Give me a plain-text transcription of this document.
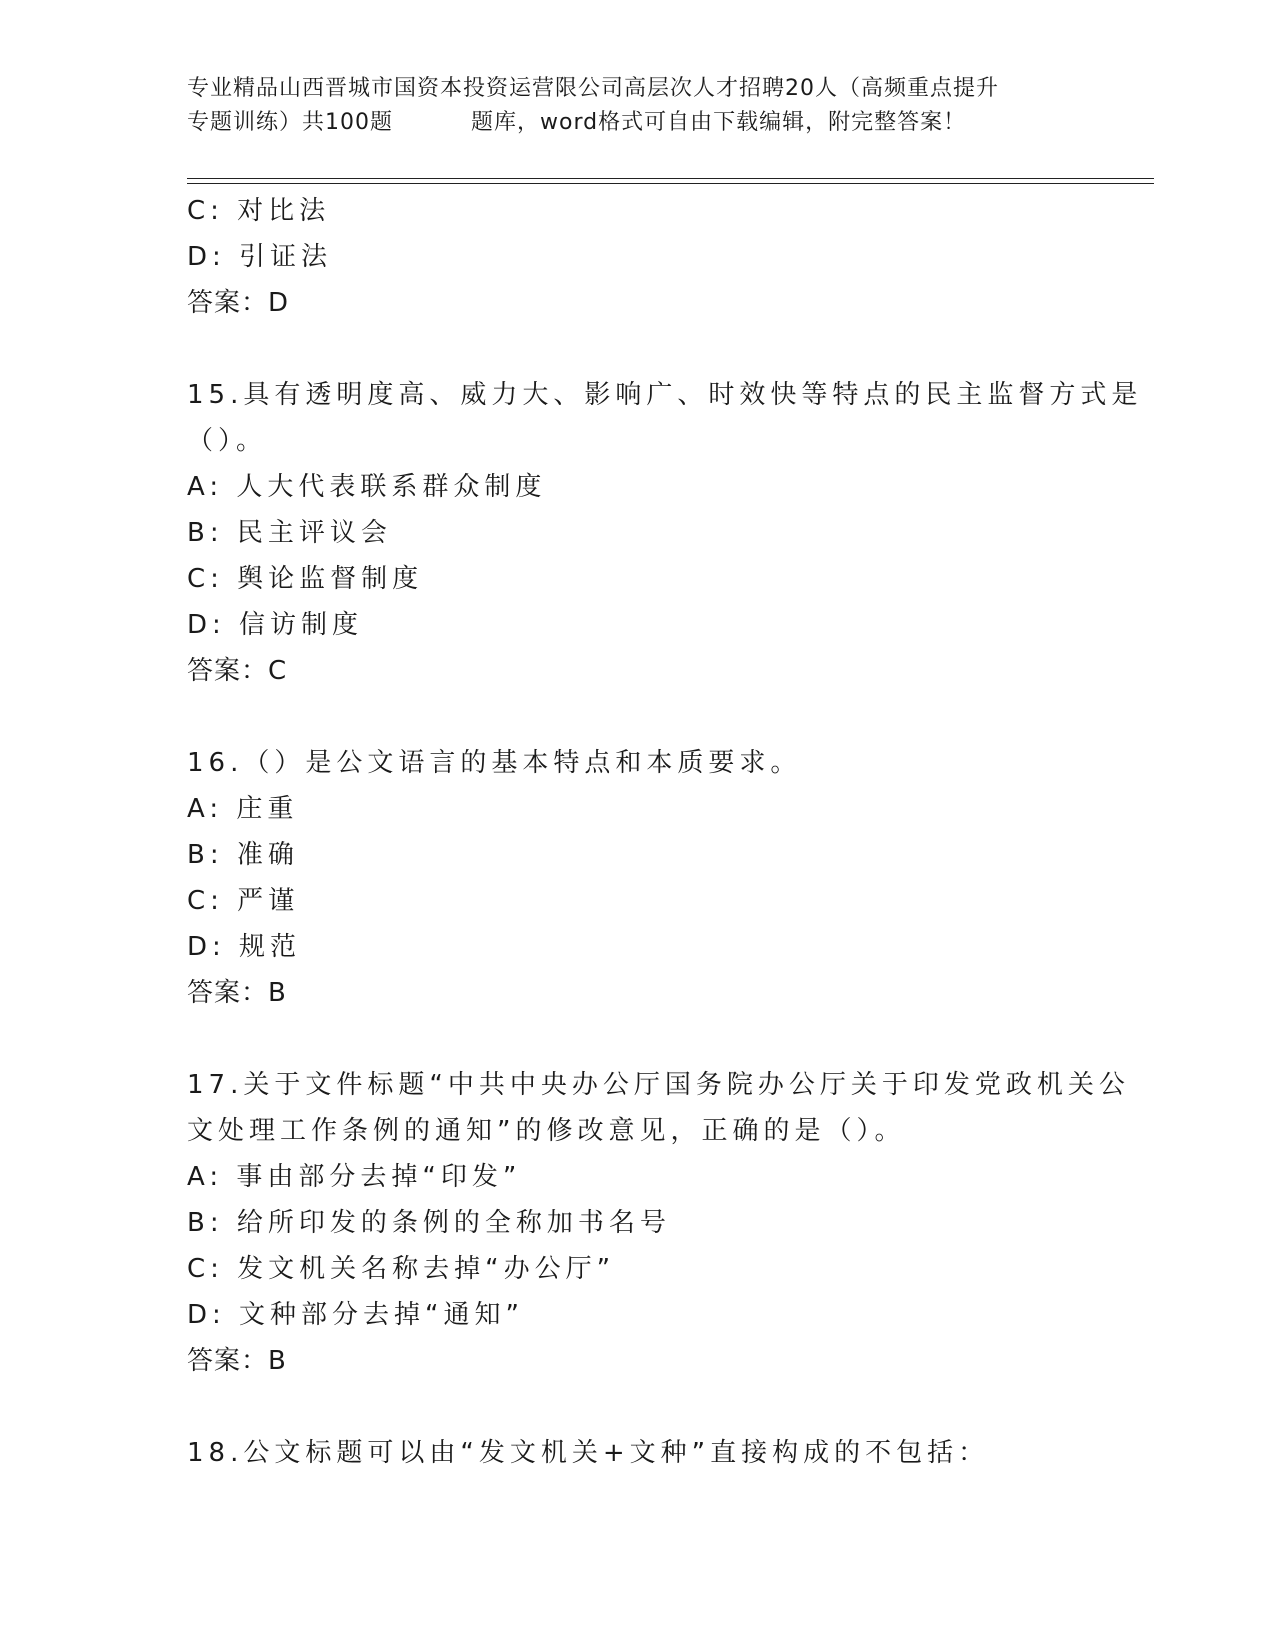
专业精品山西晋城市国资本投资运营限公司高层次人才招聘20人（高频重点提升
专题训练）共100题	题库，word格式可自由下载编辑，附完整答案！
C: 对比法
D: 引证法
答案：D
15.具有透明度高、威力大、影响广、时效快等特点的民主监督方式是
（）。
A: 人大代表联系群众制度
B: 民主评议会
C: 舆论监督制度
D: 信访制度
答案：C
16.（）是公文语言的基本特点和本质要求。
A: 庄重
B: 准确
C: 严谨
D: 规范
答案：B
17.关于文件标题“中共中央办公厅国务院办公厅关于印发党政机关公
文处理工作条例的通知”的修改意见，正确的是（）。
A: 事由部分去掉“印发”
B: 给所印发的条例的全称加书名号
C: 发文机关名称去掉“办公厅”
D: 文种部分去掉“通知”
答案：B
18.公文标题可以由“发文机关+文种”直接构成的不包括：
